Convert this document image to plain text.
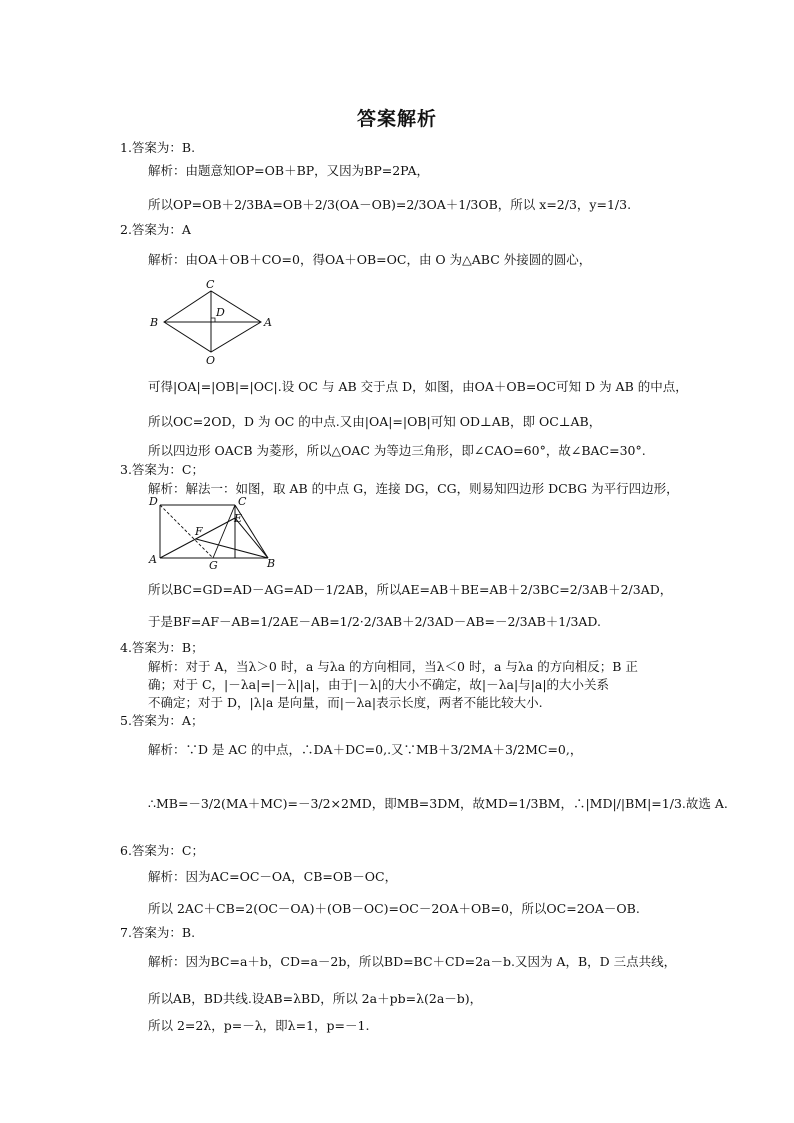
答案解析
1.答案为：B.
解析：由题意知OP=OB＋BP，又因为BP=2PA，
所以OP=OB＋2/3BA=OB＋2/3(OA－OB)=2/3OA＋1/3OB，所以 x=2/3，y=1/3.
2.答案为：A
解析：由OA＋OB＋CO=0，得OA＋OB=OC，由 O 为△ABC 外接圆的圆心，
C
D
B	A
O
可得|OA|=|OB|=|OC|.设 OC 与 AB 交于点 D，如图，由OA＋OB=OC可知 D 为 AB 的中点，
所以OC=2OD，D 为 OC 的中点.又由|OA|=|OB|可知 OD⊥AB，即 OC⊥AB，
所以四边形 OACB 为菱形，所以△OAC 为等边三角形，即∠CAO=60°，故∠BAC=30°.
3.答案为：C；
解析：解法一：如图，取 AB 的中点 G，连接 DG，CG，则易知四边形 DCBG 为平行四边形，
D	C
E
F
A	G	B
所以BC=GD=AD－AG=AD－1/2AB，所以AE=AB＋BE=AB＋2/3BC=2/3AB＋2/3AD，
于是BF=AF－AB=1/2AE－AB=1/2·2/3AB＋2/3AD－AB=－2/3AB＋1/3AD.
4.答案为：B；
解析：对于 A，当λ＞0 时，a 与λa 的方向相同，当λ＜0 时，a 与λa 的方向相反；B 正
确；对于 C，|－λa|=|－λ||a|，由于|－λ|的大小不确定，故|－λa|与|a|的大小关系
不确定；对于 D，|λ|a 是向量，而|－λa|表示长度，两者不能比较大小.
5.答案为：A；
解析：∵D 是 AC 的中点，∴DA＋DC=0,.又∵MB＋3/2MA＋3/2MC=0,，
∴MB=－3/2(MA＋MC)=－3/2×2MD，即MB=3DM，故MD=1/3BM，∴|MD|/|BM|=1/3.故选 A.
6.答案为：C；
解析：因为AC=OC－OA，CB=OB－OC，
所以 2AC＋CB=2(OC－OA)＋(OB－OC)=OC－2OA＋OB=0，所以OC=2OA－OB.
7.答案为：B.
解析：因为BC=a＋b，CD=a－2b，所以BD=BC＋CD=2a－b.又因为 A，B，D 三点共线，
所以AB，BD共线.设AB=λBD，所以 2a＋pb=λ(2a－b)，
所以 2=2λ，p=－λ，即λ=1，p=－1.
